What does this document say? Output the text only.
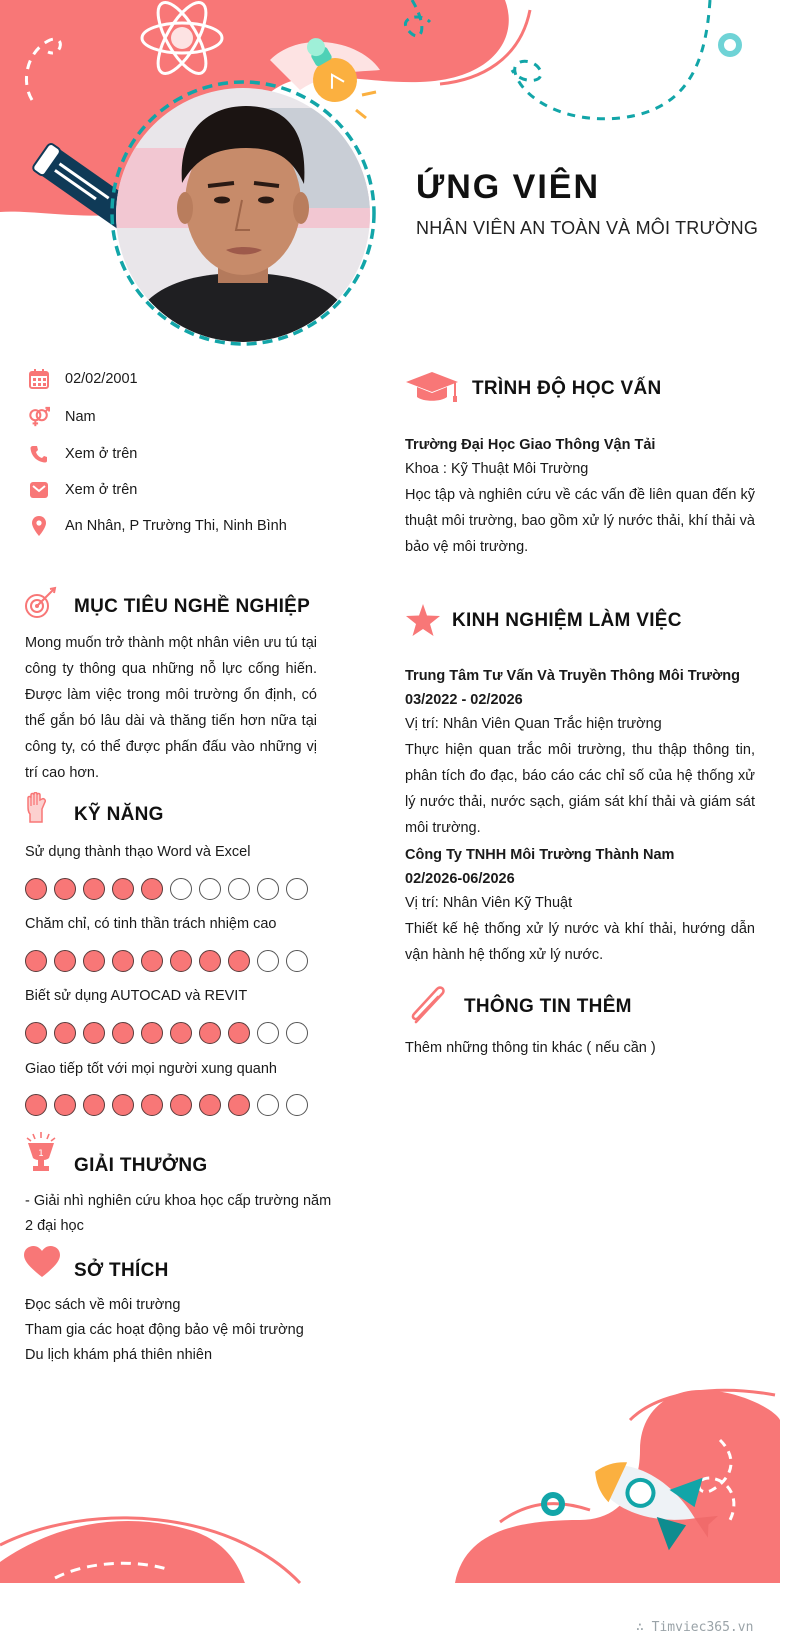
ỨNG VIÊN
NHÂN VIÊN AN TOÀN VÀ MÔI TRƯỜNG
02/02/2001
Nam
Xem ở trên
Xem ở trên
An Nhân, P Trường Thi, Ninh Bình
MỤC TIÊU NGHỀ NGHIỆP
Mong muốn trở thành một nhân viên ưu tú tại công ty thông qua những nỗ lực cống hiến. Được làm việc trong môi trường ổn định, có thể gắn bó lâu dài và thăng tiến hơn nữa tại công ty, có thể được phấn đấu vào những vị trí cao hơn.
KỸ NĂNG
Sử dụng thành thạo Word và Excel
Chăm chỉ, có tinh thần trách nhiệm cao
Biết sử dụng AUTOCAD và REVIT
Giao tiếp tốt với mọi người xung quanh
1
GIẢI THƯỞNG
- Giải nhì nghiên cứu khoa học cấp trường năm
2 đại học
SỞ THÍCH
Đọc sách về môi trường
Tham gia các hoạt động bảo vệ môi trường
Du lịch khám phá thiên nhiên
TRÌNH ĐỘ HỌC VẤN
Trường Đại Học Giao Thông Vận Tải
Khoa : Kỹ Thuật Môi Trường
Học tập và nghiên cứu về các vấn đề liên quan đến kỹ thuật môi trường, bao gồm xử lý nước thải, khí thải và bảo vệ môi trường.
KINH NGHIỆM LÀM VIỆC
Trung Tâm Tư Vấn Và Truyền Thông Môi Trường
03/2022 - 02/2026
Vị trí: Nhân Viên Quan Trắc hiện trường
Thực hiện quan trắc môi trường, thu thập thông tin, phân tích đo đạc, báo cáo các chỉ số của hệ thống xử lý nước thải, nước sạch, giám sát khí thải và giám sát môi trường.
Công Ty TNHH Môi Trường Thành Nam
02/2026-06/2026
Vị trí: Nhân Viên Kỹ Thuật
Thiết kế hệ thống xử lý nước và khí thải, hướng dẫn vận hành hệ thống xử lý nước.
THÔNG TIN THÊM
Thêm những thông tin khác ( nếu cần )
∴ Timviec365.vn
